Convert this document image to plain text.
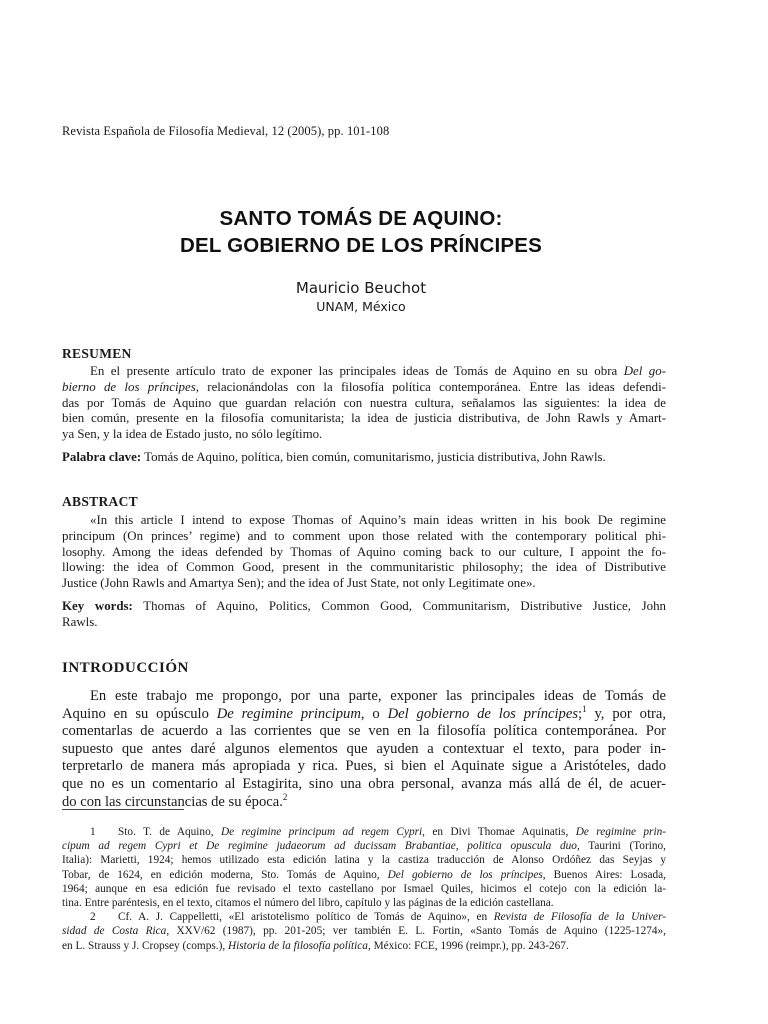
Revista Española de Filosofía Medieval, 12 (2005), pp. 101-108
SANTO TOMÁS DE AQUINO:
DEL GOBIERNO DE LOS PRÍNCIPES
Mauricio Beuchot
UNAM, México
RESUMEN
En el presente artículo trato de exponer las principales ideas de Tomás de Aquino en su obra Del go-
bierno de los príncipes, relacionándolas con la filosofía política contemporánea. Entre las ideas defendi-
das por Tomás de Aquino que guardan relación con nuestra cultura, señalamos las siguientes: la idea de
bien común, presente en la filosofía comunitarista; la idea de justicia distributiva, de John Rawls y Amart-
ya Sen, y la idea de Estado justo, no sólo legítimo.
Palabra clave: Tomás de Aquino, política, bien común, comunitarismo, justicia distributiva, John Rawls.
ABSTRACT
«In this article I intend to expose Thomas of Aquino’s main ideas written in his book De regimine
principum (On princes’ regime) and to comment upon those related with the contemporary political phi-
losophy. Among the ideas defended by Thomas of Aquino coming back to our culture, I appoint the fo-
llowing: the idea of Common Good, present in the communitaristic philosophy; the idea of Distributive
Justice (John Rawls and Amartya Sen); and the idea of Just State, not only Legitimate one».
Key words: Thomas of Aquino, Politics, Common Good, Communitarism, Distributive Justice, John
Rawls.
INTRODUCCIÓN
En este trabajo me propongo, por una parte, exponer las principales ideas de Tomás de
Aquino en su opúsculo De regimine principum, o Del gobierno de los príncipes;$^1$ y, por otra,
comentarlas de acuerdo a las corrientes que se ven en la filosofía política contemporánea. Por
supuesto que antes daré algunos elementos que ayuden a contextuar el texto, para poder in-
terpretarlo de manera más apropiada y rica. Pues, si bien el Aquinate sigue a Aristóteles, dado
que no es un comentario al Estagirita, sino una obra personal, avanza más allá de él, de acuer-
do con las circunstancias de su época.$^2$
1 Sto. T. de Aquino, De regimine principum ad regem Cypri, en Divi Thomae Aquinatis, De regimine prin-
cipum ad regem Cypri et De regimine judaeorum ad ducissam Brabantiae, politica opuscula duo, Taurini (Torino,
Italia): Marietti, 1924; hemos utilizado esta edición latina y la castiza traducción de Alonso Ordóñez das Seyjas y
Tobar, de 1624, en edición moderna, Sto. Tomás de Aquino, Del gobierno de los príncipes, Buenos Aires: Losada,
1964; aunque en esa edición fue revisado el texto castellano por Ismael Quiles, hicimos el cotejo con la edición la-
tina. Entre paréntesis, en el texto, citamos el número del libro, capítulo y las páginas de la edición castellana.
2 Cf. A. J. Cappelletti, «El aristotelismo político de Tomás de Aquino», en Revista de Filosofía de la Univer-
sidad de Costa Rica, XXV/62 (1987), pp. 201-205; ver también E. L. Fortin, «Santo Tomás de Aquino (1225-1274»,
en L. Strauss y J. Cropsey (comps.), Historia de la filosofía política, México: FCE, 1996 (reimpr.), pp. 243-267.
